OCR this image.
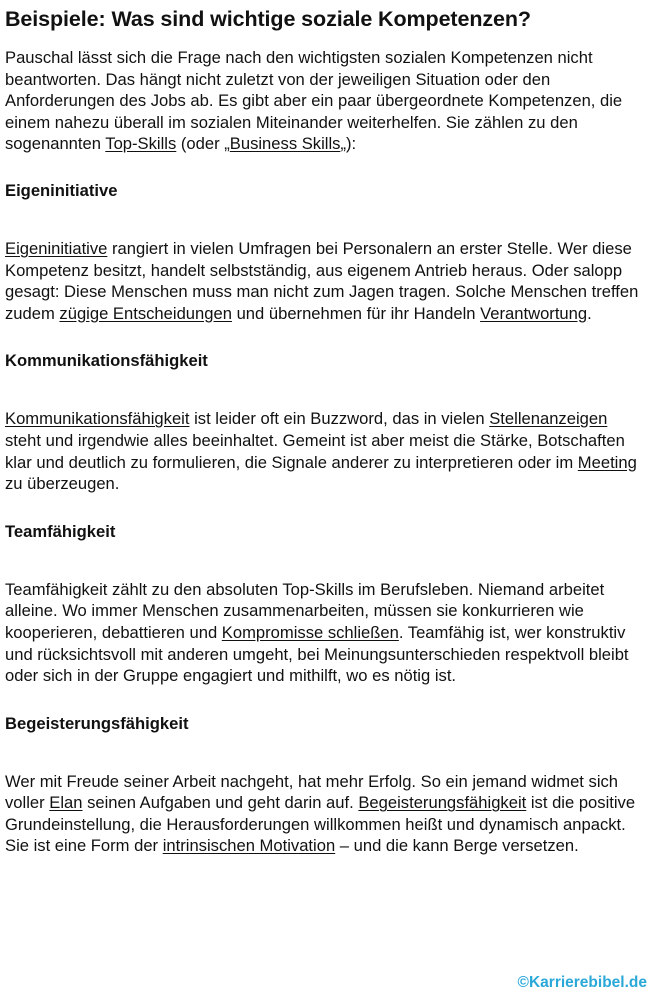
Beispiele: Was sind wichtige soziale Kompetenzen?

Pauschal lässt sich die Frage nach den wichtigsten sozialen Kompetenzen nicht beantworten. Das hängt nicht zuletzt von der jeweiligen Situation oder den Anforderungen des Jobs ab. Es gibt aber ein paar übergeordnete Kompetenzen, die einem nahezu überall im sozialen Miteinander weiterhelfen. Sie zählen zu den sogenannten Top-Skills (oder „Business Skills„):

Eigeninitiative

Eigeninitiative rangiert in vielen Umfragen bei Personalern an erster Stelle. Wer diese Kompetenz besitzt, handelt selbstständig, aus eigenem Antrieb heraus. Oder salopp gesagt: Diese Menschen muss man nicht zum Jagen tragen. Solche Menschen treffen zudem zügige Entscheidungen und übernehmen für ihr Handeln Verantwortung.

Kommunikationsfähigkeit

Kommunikationsfähigkeit ist leider oft ein Buzzword, das in vielen Stellenanzeigen steht und irgendwie alles beeinhaltet. Gemeint ist aber meist die Stärke, Botschaften klar und deutlich zu formulieren, die Signale anderer zu interpretieren oder im Meeting zu überzeugen.

Teamfähigkeit

Teamfähigkeit zählt zu den absoluten Top-Skills im Berufsleben. Niemand arbeitet alleine. Wo immer Menschen zusammenarbeiten, müssen sie konkurrieren wie kooperieren, debattieren und Kompromisse schließen. Teamfähig ist, wer konstruktiv und rücksichtsvoll mit anderen umgeht, bei Meinungsunterschieden respektvoll bleibt oder sich in der Gruppe engagiert und mithilft, wo es nötig ist.

Begeisterungsfähigkeit

Wer mit Freude seiner Arbeit nachgeht, hat mehr Erfolg. So ein jemand widmet sich voller Elan seinen Aufgaben und geht darin auf. Begeisterungsfähigkeit ist die positive Grundeinstellung, die Herausforderungen willkommen heißt und dynamisch anpackt. Sie ist eine Form der intrinsischen Motivation – und die kann Berge versetzen.

©Karrierebibel.de
